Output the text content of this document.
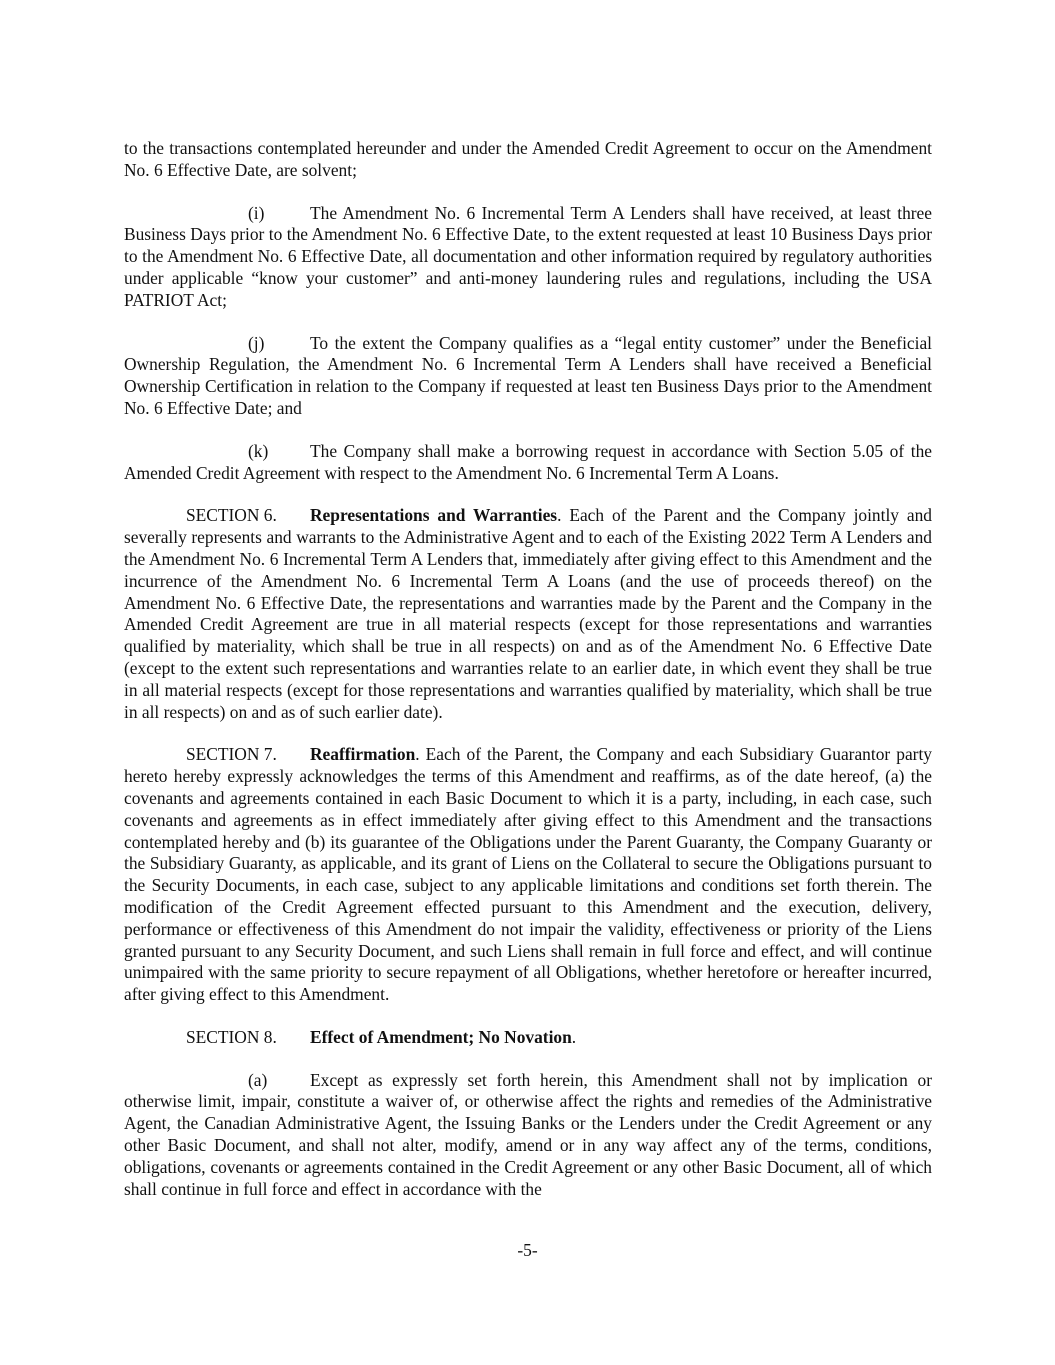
to the transactions contemplated hereunder and under the Amended Credit Agreement to occur on the Amendment No. 6 Effective Date, are solvent;

(i)	The Amendment No. 6 Incremental Term A Lenders shall have received, at least three Business Days prior to the Amendment No. 6 Effective Date, to the extent requested at least 10 Business Days prior to the Amendment No. 6 Effective Date, all documentation and other information required by regulatory authorities under applicable “know your customer” and anti-money laundering rules and regulations, including the USA PATRIOT Act;

(j)	To the extent the Company qualifies as a “legal entity customer” under the Beneficial Ownership Regulation, the Amendment No. 6 Incremental Term A Lenders shall have received a Beneficial Ownership Certification in relation to the Company if requested at least ten Business Days prior to the Amendment No. 6 Effective Date; and

(k) The Company shall make a borrowing request in accordance with Section 5.05 of the Amended Credit Agreement with respect to the Amendment No. 6 Incremental Term A Loans.

SECTION 6. Representations and Warranties. Each of the Parent and the Company jointly and severally represents and warrants to the Administrative Agent and to each of the Existing 2022 Term A Lenders and the Amendment No. 6 Incremental Term A Lenders that, immediately after giving effect to this Amendment and the incurrence of the Amendment No. 6 Incremental Term A Loans (and the use of proceeds thereof) on the Amendment No. 6 Effective Date, the representations and warranties made by the Parent and the Company in the Amended Credit Agreement are true in all material respects (except for those representations and warranties qualified by materiality, which shall be true in all respects) on and as of the Amendment No. 6 Effective Date (except to the extent such representations and warranties relate to an earlier date, in which event they shall be true in all material respects (except for those representations and warranties qualified by materiality, which shall be true in all respects) on and as of such earlier date).

SECTION 7. Reaffirmation. Each of the Parent, the Company and each Subsidiary Guarantor party hereto hereby expressly acknowledges the terms of this Amendment and reaffirms, as of the date hereof, (a) the covenants and agreements contained in each Basic Document to which it is a party, including, in each case, such covenants and agreements as in effect immediately after giving effect to this Amendment and the transactions contemplated hereby and (b) its guarantee of the Obligations under the Parent Guaranty, the Company Guaranty or the Subsidiary Guaranty, as applicable, and its grant of Liens on the Collateral to secure the Obligations pursuant to the Security Documents, in each case, subject to any applicable limitations and conditions set forth therein. The modification of the Credit Agreement effected pursuant to this Amendment and the execution, delivery, performance or effectiveness of this Amendment do not impair the validity, effectiveness or priority of the Liens granted pursuant to any Security Document, and such Liens shall remain in full force and effect, and will continue unimpaired with the same priority to secure repayment of all Obligations, whether heretofore or hereafter incurred, after giving effect to this Amendment.

SECTION 8. Effect of Amendment; No Novation.

(a) Except as expressly set forth herein, this Amendment shall not by implication or otherwise limit, impair, constitute a waiver of, or otherwise affect the rights and remedies of the Administrative Agent, the Canadian Administrative Agent, the Issuing Banks or the Lenders under the Credit Agreement or any other Basic Document, and shall not alter, modify, amend or in any way affect any of the terms, conditions, obligations, covenants or agreements contained in the Credit Agreement or any other Basic Document, all of which shall continue in full force and effect in accordance with the

-5-
